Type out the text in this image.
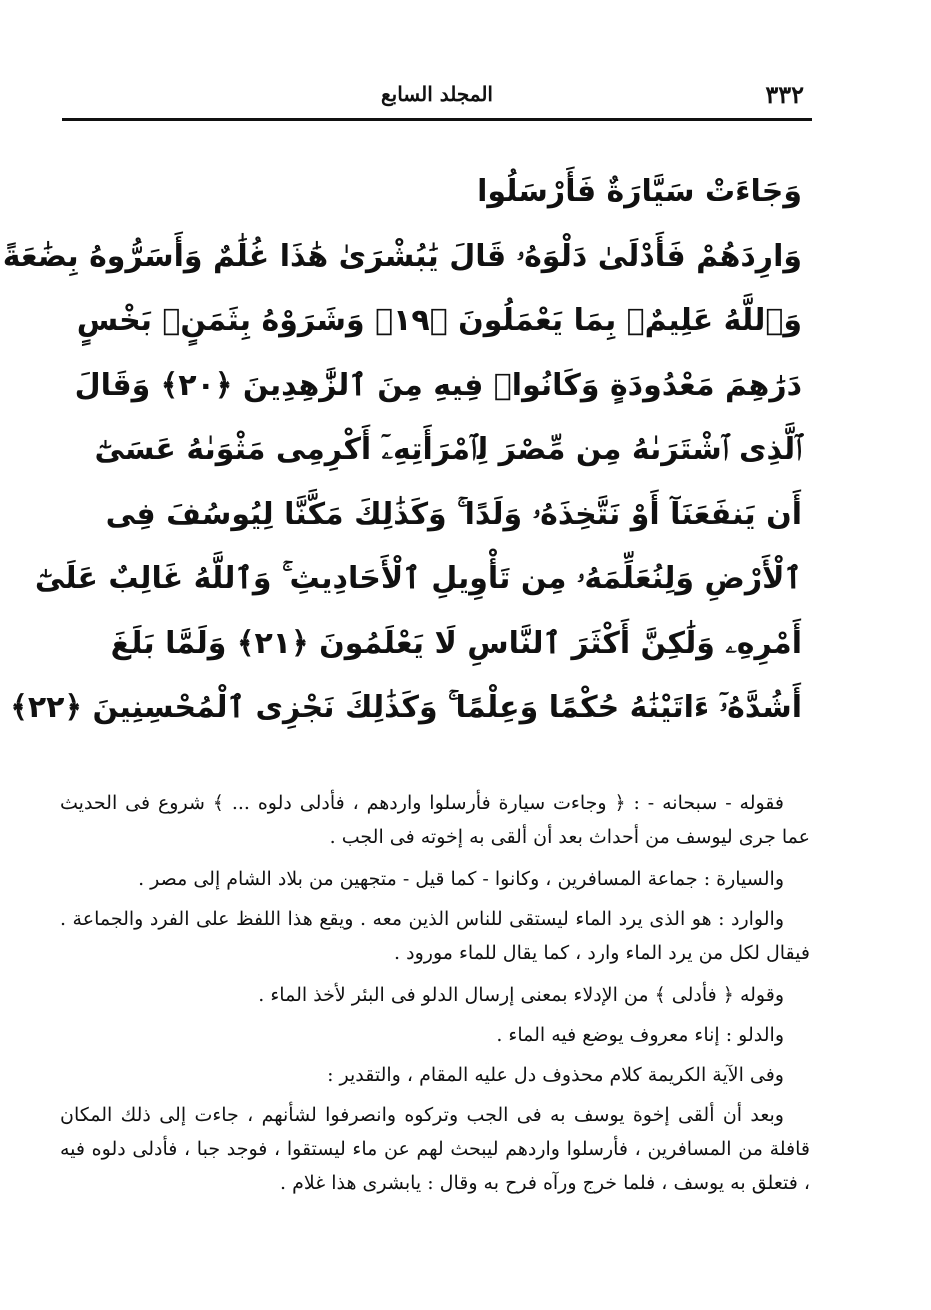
٣٣٢
المجلد السابع
وَجَاءَتْ سَيَّارَةٌ فَأَرْسَلُوا
وَارِدَهُمْ فَأَدْلَىٰ دَلْوَهُۥ قَالَ يَٰبُشْرَىٰ هَٰذَا غُلَٰمٌ وَأَسَرُّوهُ بِضَٰعَةً
وَٱللَّهُ عَلِيمٌۢ بِمَا يَعْمَلُونَ ﴿١٩﴾ وَشَرَوْهُ بِثَمَنٍۭ بَخْسٍ
دَرَٰهِمَ مَعْدُودَةٍ وَكَانُوا۟ فِيهِ مِنَ ٱلزَّٰهِدِينَ ﴿٢٠﴾ وَقَالَ
ٱلَّذِى ٱشْتَرَىٰهُ مِن مِّصْرَ لِٱمْرَأَتِهِۦٓ أَكْرِمِى مَثْوَىٰهُ عَسَىٰٓ
أَن يَنفَعَنَآ أَوْ نَتَّخِذَهُۥ وَلَدًا ۚ وَكَذَٰلِكَ مَكَّنَّا لِيُوسُفَ فِى
ٱلْأَرْضِ وَلِنُعَلِّمَهُۥ مِن تَأْوِيلِ ٱلْأَحَادِيثِ ۚ وَٱللَّهُ غَالِبٌ عَلَىٰٓ
أَمْرِهِۦ وَلَٰكِنَّ أَكْثَرَ ٱلنَّاسِ لَا يَعْلَمُونَ ﴿٢١﴾ وَلَمَّا بَلَغَ
أَشُدَّهُۥٓ ءَاتَيْنَٰهُ حُكْمًا وَعِلْمًا ۚ وَكَذَٰلِكَ نَجْزِى ٱلْمُحْسِنِينَ ﴿٢٢﴾

فقوله - سبحانه - : ﴿ وجاءت سيارة فأرسلوا واردهم ، فأدلى دلوه ... ﴾ شروع فى الحديث عما جرى ليوسف من أحداث بعد أن ألقى به إخوته فى الجب .

والسيارة : جماعة المسافرين ، وكانوا - كما قيل - متجهين من بلاد الشام إلى مصر .

والوارد : هو الذى يرد الماء ليستقى للناس الذين معه . ويقع هذا اللفظ على الفرد والجماعة . فيقال لكل من يرد الماء وارد ، كما يقال للماء مورود .

وقوله ﴿ فأدلى ﴾ من الإدلاء بمعنى إرسال الدلو فى البئر لأخذ الماء .

والدلو : إناء معروف يوضع فيه الماء .

وفى الآية الكريمة كلام محذوف دل عليه المقام ، والتقدير :

وبعد أن ألقى إخوة يوسف به فى الجب وتركوه وانصرفوا لشأنهم ، جاءت إلى ذلك المكان قافلة من المسافرين ، فأرسلوا واردهم ليبحث لهم عن ماء ليستقوا ، فوجد جبا ، فأدلى دلوه فيه ، فتعلق به يوسف ، فلما خرج ورآه فرح به وقال : يابشرى هذا غلام .
